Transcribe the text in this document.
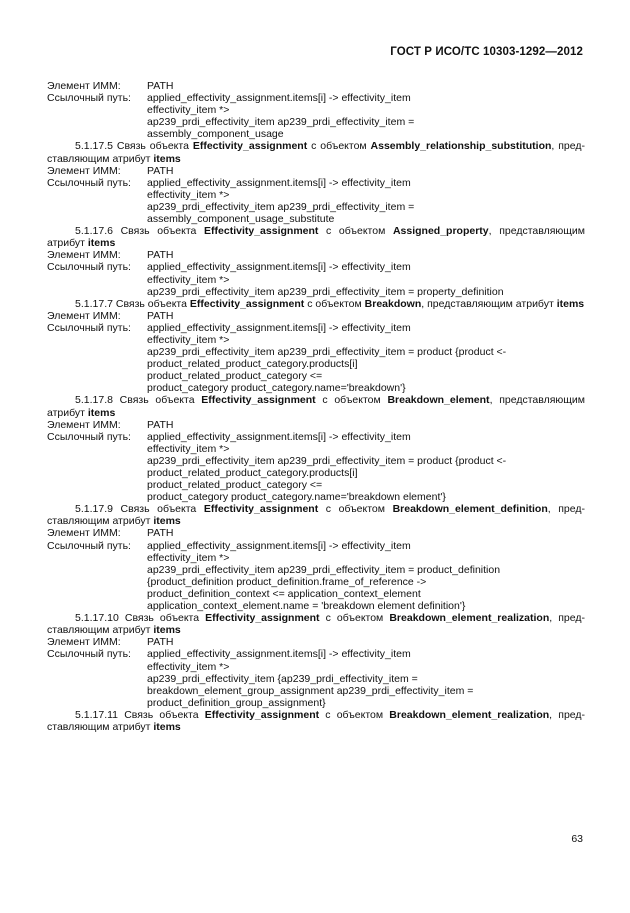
ГОСТ Р ИСО/ТС 10303-1292—2012
Элемент ИММ:	PATH
Ссылочный путь:	applied_effectivity_assignment.items[i] -> effectivity_item
effectivity_item *>
ap239_prdi_effectivity_item ap239_prdi_effectivity_item =
assembly_component_usage

5.1.17.5 Связь объекта Effectivity_assignment с объектом Assembly_relationship_substitution, пред- ставляющим атрибут items

Элемент ИММ:	PATH
Ссылочный путь:	applied_effectivity_assignment.items[i] -> effectivity_item
effectivity_item *>
ap239_prdi_effectivity_item ap239_prdi_effectivity_item =
assembly_component_usage_substitute

5.1.17.6 Связь объекта Effectivity_assignment с объектом Assigned_property, представляющим атрибут items

Элемент ИММ:	PATH
Ссылочный путь:	applied_effectivity_assignment.items[i] -> effectivity_item
effectivity_item *>
ap239_prdi_effectivity_item ap239_prdi_effectivity_item = property_definition

5.1.17.7 Связь объекта Effectivity_assignment с объектом Breakdown, представляющим атрибут items

Элемент ИММ:	PATH
Ссылочный путь:	applied_effectivity_assignment.items[i] -> effectivity_item
effectivity_item *>
ap239_prdi_effectivity_item ap239_prdi_effectivity_item = product {product <-
product_related_product_category.products[i]
product_related_product_category <=
product_category product_category.name='breakdown'}

5.1.17.8 Связь объекта Effectivity_assignment с объектом Breakdown_element, представляющим атрибут items

Элемент ИММ:	PATH
Ссылочный путь:	applied_effectivity_assignment.items[i] -> effectivity_item
effectivity_item *>
ap239_prdi_effectivity_item ap239_prdi_effectivity_item = product {product <-
product_related_product_category.products[i]
product_related_product_category <=
product_category product_category.name='breakdown element'}

5.1.17.9 Связь объекта Effectivity_assignment с объектом Breakdown_element_definition, пред- ставляющим атрибут items

Элемент ИММ:	PATH
Ссылочный путь:	applied_effectivity_assignment.items[i] -> effectivity_item
effectivity_item *>
ap239_prdi_effectivity_item ap239_prdi_effectivity_item = product_definition
{product_definition product_definition.frame_of_reference ->
product_definition_context <= application_context_element
application_context_element.name = 'breakdown element definition'}

5.1.17.10 Связь объекта Effectivity_assignment с объектом Breakdown_element_realization, пред- ставляющим атрибут items

Элемент ИММ:	PATH
Ссылочный путь:	applied_effectivity_assignment.items[i] -> effectivity_item
effectivity_item *>
ap239_prdi_effectivity_item {ap239_prdi_effectivity_item =
breakdown_element_group_assignment ap239_prdi_effectivity_item =
product_definition_group_assignment}

5.1.17.11 Связь объекта Effectivity_assignment с объектом Breakdown_element_realization, пред- ставляющим атрибут items

63
